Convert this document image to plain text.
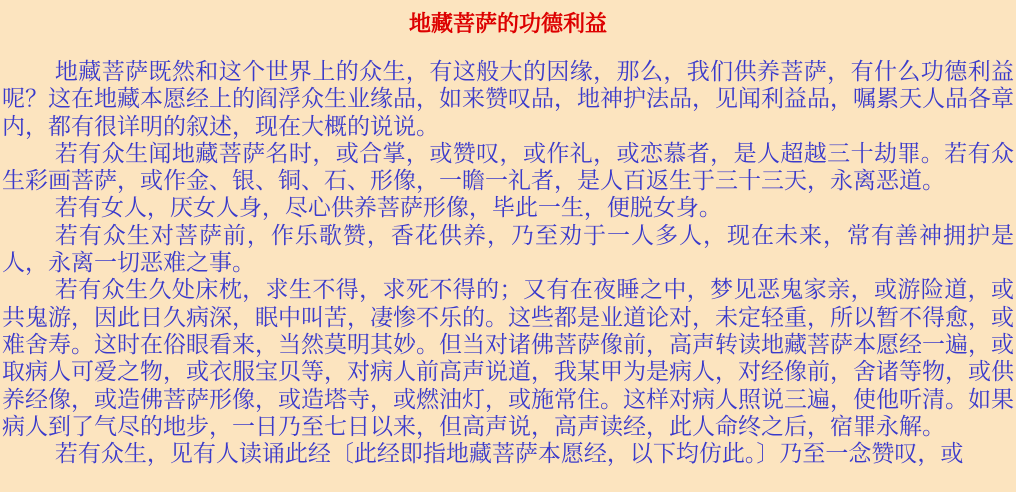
地藏菩萨的功德利益

地藏菩萨既然和这个世界上的众生，有这般大的因缘，那么，我们供养菩萨，有什么功德利益呢？这在地藏本愿经上的阎浮众生业缘品，如来赞叹品，地神护法品，见闻利益品，嘱累天人品各章内，都有很详明的叙述，现在大概的说说。

若有众生闻地藏菩萨名时，或合掌，或赞叹，或作礼，或恋慕者，是人超越三十劫罪。若有众生彩画菩萨，或作金、银、铜、石、形像，一瞻一礼者，是人百返生于三十三天，永离恶道。

若有女人，厌女人身，尽心供养菩萨形像，毕此一生，便脱女身。

若有众生对菩萨前，作乐歌赞，香花供养，乃至劝于一人多人，现在未来，常有善神拥护是人，永离一切恶难之事。

若有众生久处床枕，求生不得，求死不得的；又有在夜睡之中，梦见恶鬼家亲，或游险道，或共鬼游，因此日久病深，眠中叫苦，凄惨不乐的。这些都是业道论对，未定轻重，所以暂不得愈，或难舍寿。这时在俗眼看来，当然莫明其妙。但当对诸佛菩萨像前，高声转读地藏菩萨本愿经一遍，或取病人可爱之物，或衣服宝贝等，对病人前高声说道，我某甲为是病人，对经像前，舍诸等物，或供养经像，或造佛菩萨形像，或造塔寺，或燃油灯，或施常住。这样对病人照说三遍，使他听清。如果病人到了气尽的地步，一日乃至七日以来，但高声说，高声读经，此人命终之后，宿罪永解。

若有众生，见有人读诵此经〔此经即指地藏菩萨本愿经，以下均仿此。〕乃至一念赞叹，或
